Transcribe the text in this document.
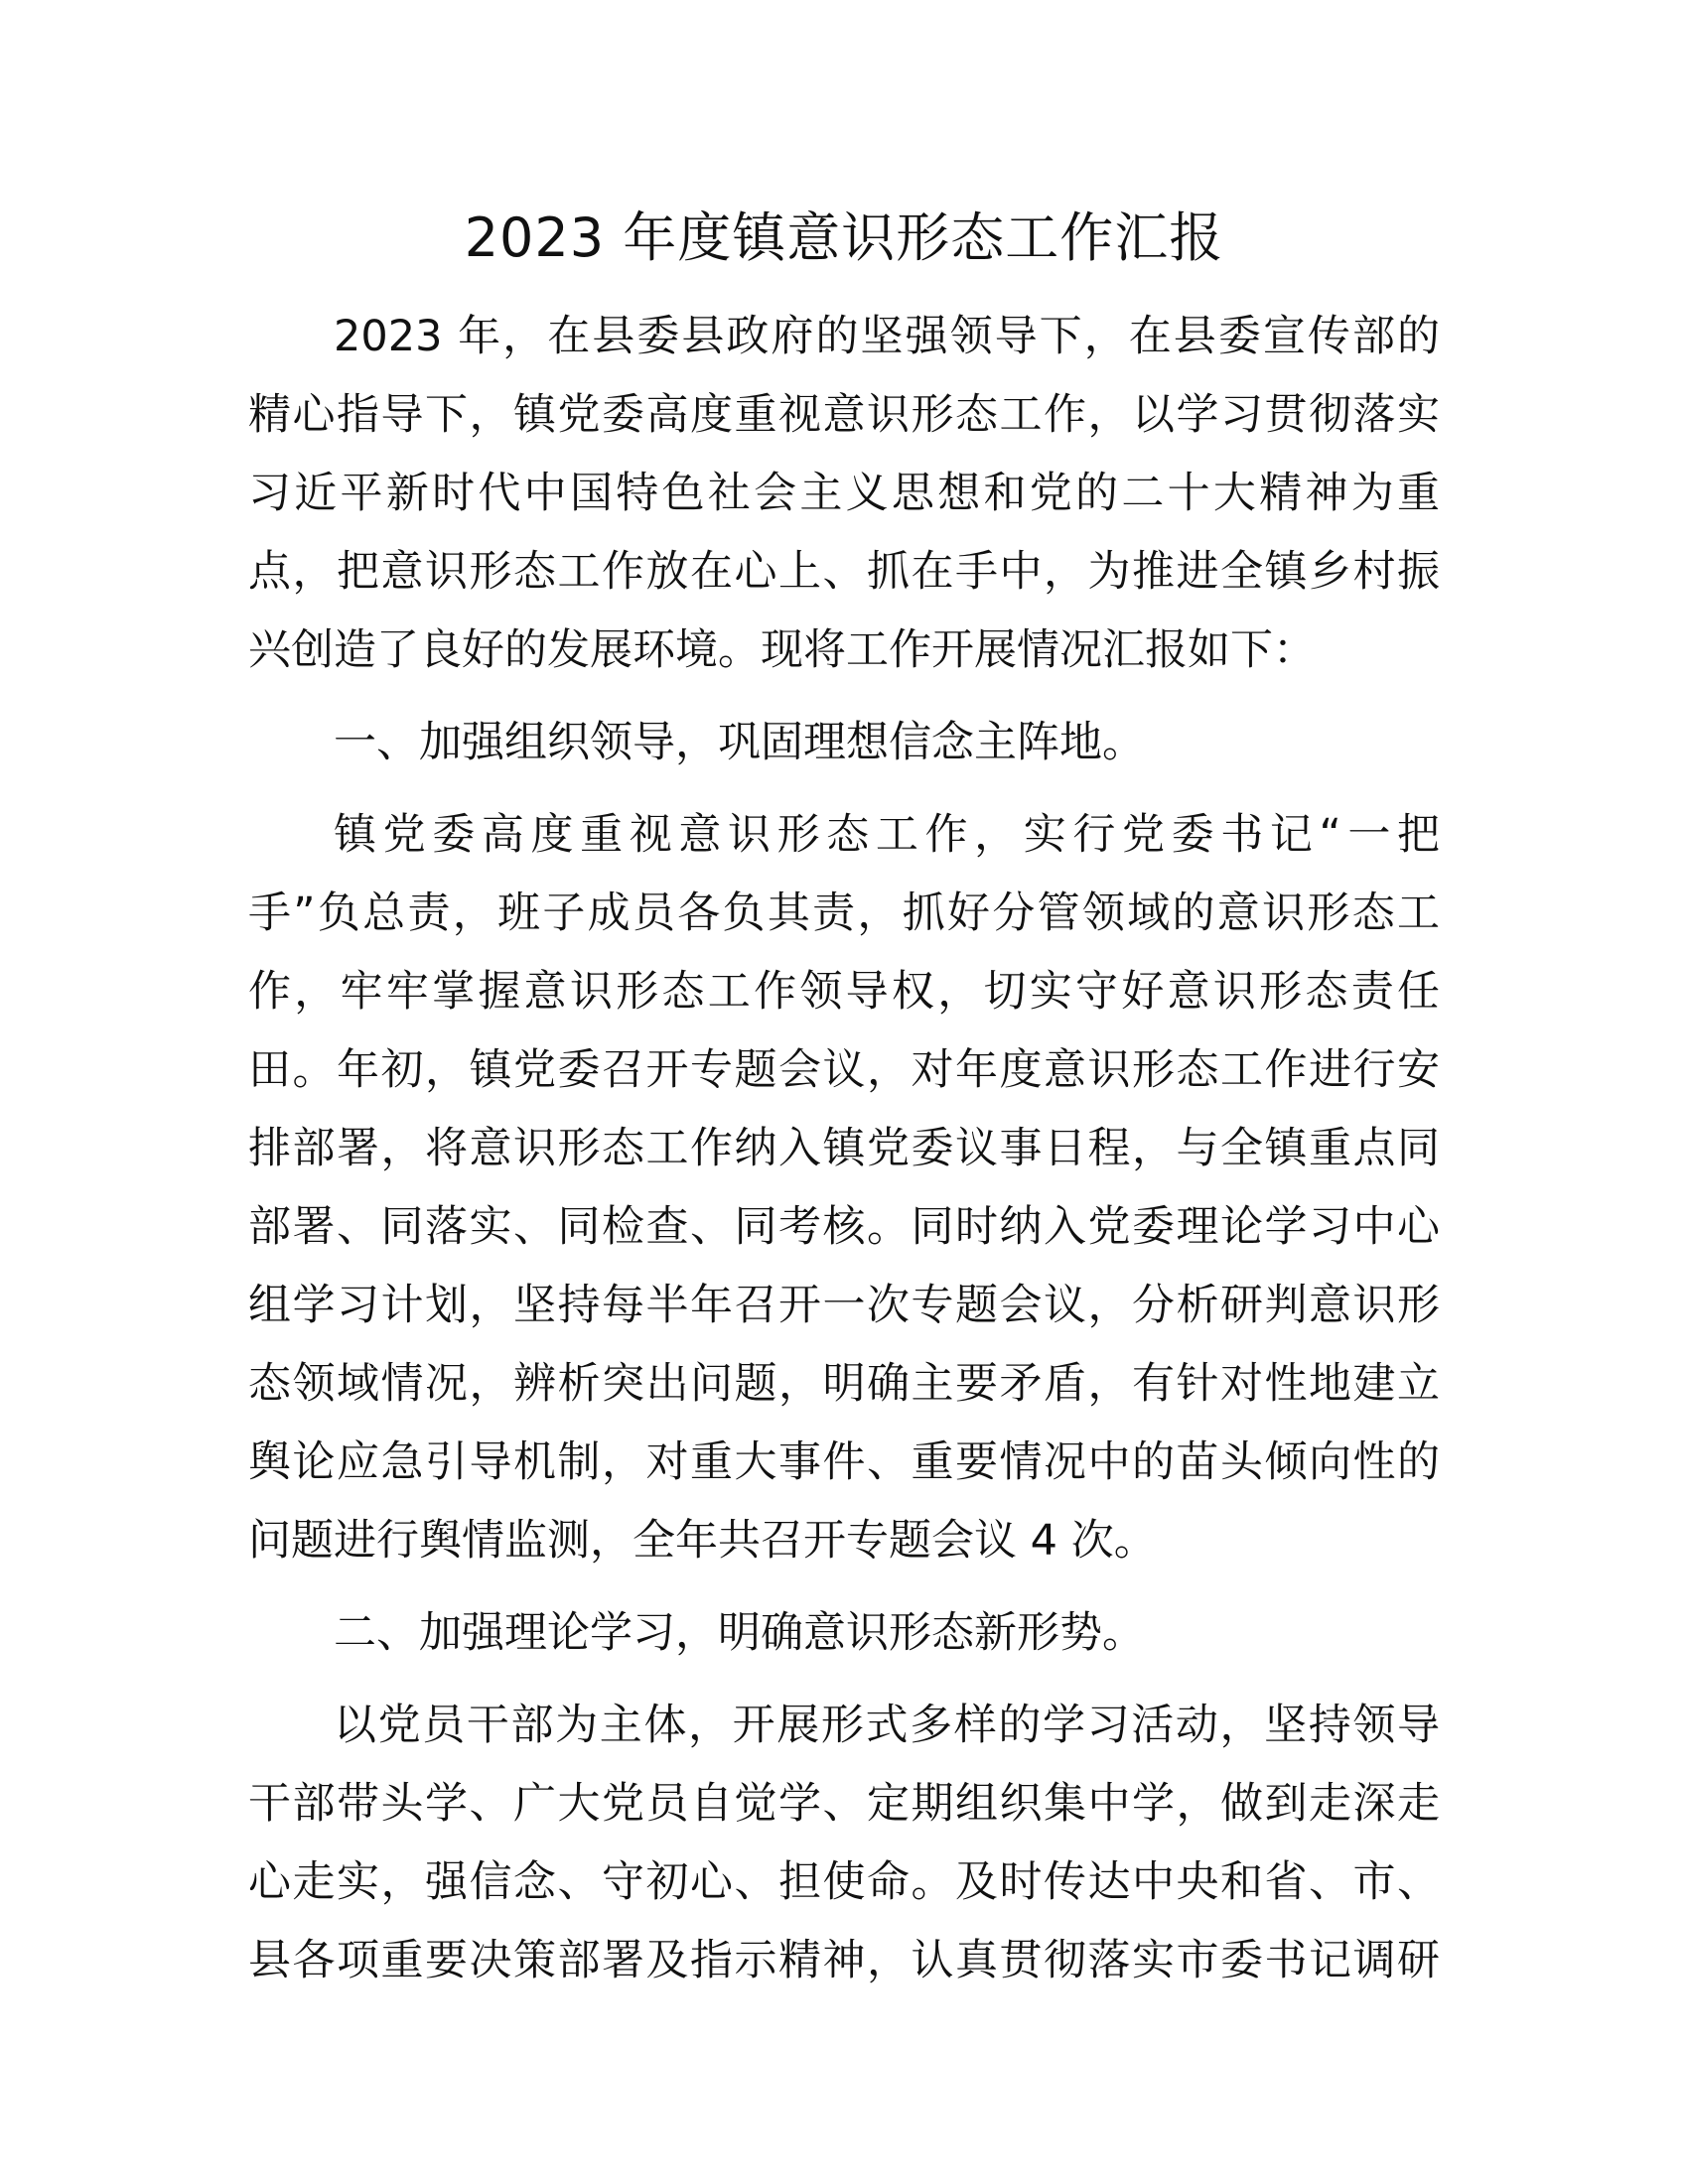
2023 年度镇意识形态工作汇报

2023 年，在县委县政府的坚强领导下，在县委宣传部的
精心指导下，镇党委高度重视意识形态工作，以学习贯彻落实
习近平新时代中国特色社会主义思想和党的二十大精神为重
点，把意识形态工作放在心上、抓在手中，为推进全镇乡村振
兴创造了良好的发展环境。现将工作开展情况汇报如下：

一、加强组织领导，巩固理想信念主阵地。

镇党委高度重视意识形态工作，实行党委书记“一把
手”负总责，班子成员各负其责，抓好分管领域的意识形态工
作，牢牢掌握意识形态工作领导权，切实守好意识形态责任
田。年初，镇党委召开专题会议，对年度意识形态工作进行安
排部署，将意识形态工作纳入镇党委议事日程，与全镇重点同
部署、同落实、同检查、同考核。同时纳入党委理论学习中心
组学习计划，坚持每半年召开一次专题会议，分析研判意识形
态领域情况，辨析突出问题，明确主要矛盾，有针对性地建立
舆论应急引导机制，对重大事件、重要情况中的苗头倾向性的
问题进行舆情监测，全年共召开专题会议 4 次。

二、加强理论学习，明确意识形态新形势。

以党员干部为主体，开展形式多样的学习活动，坚持领导
干部带头学、广大党员自觉学、定期组织集中学，做到走深走
心走实，强信念、守初心、担使命。及时传达中央和省、市、
县各项重要决策部署及指示精神，认真贯彻落实市委书记调研
